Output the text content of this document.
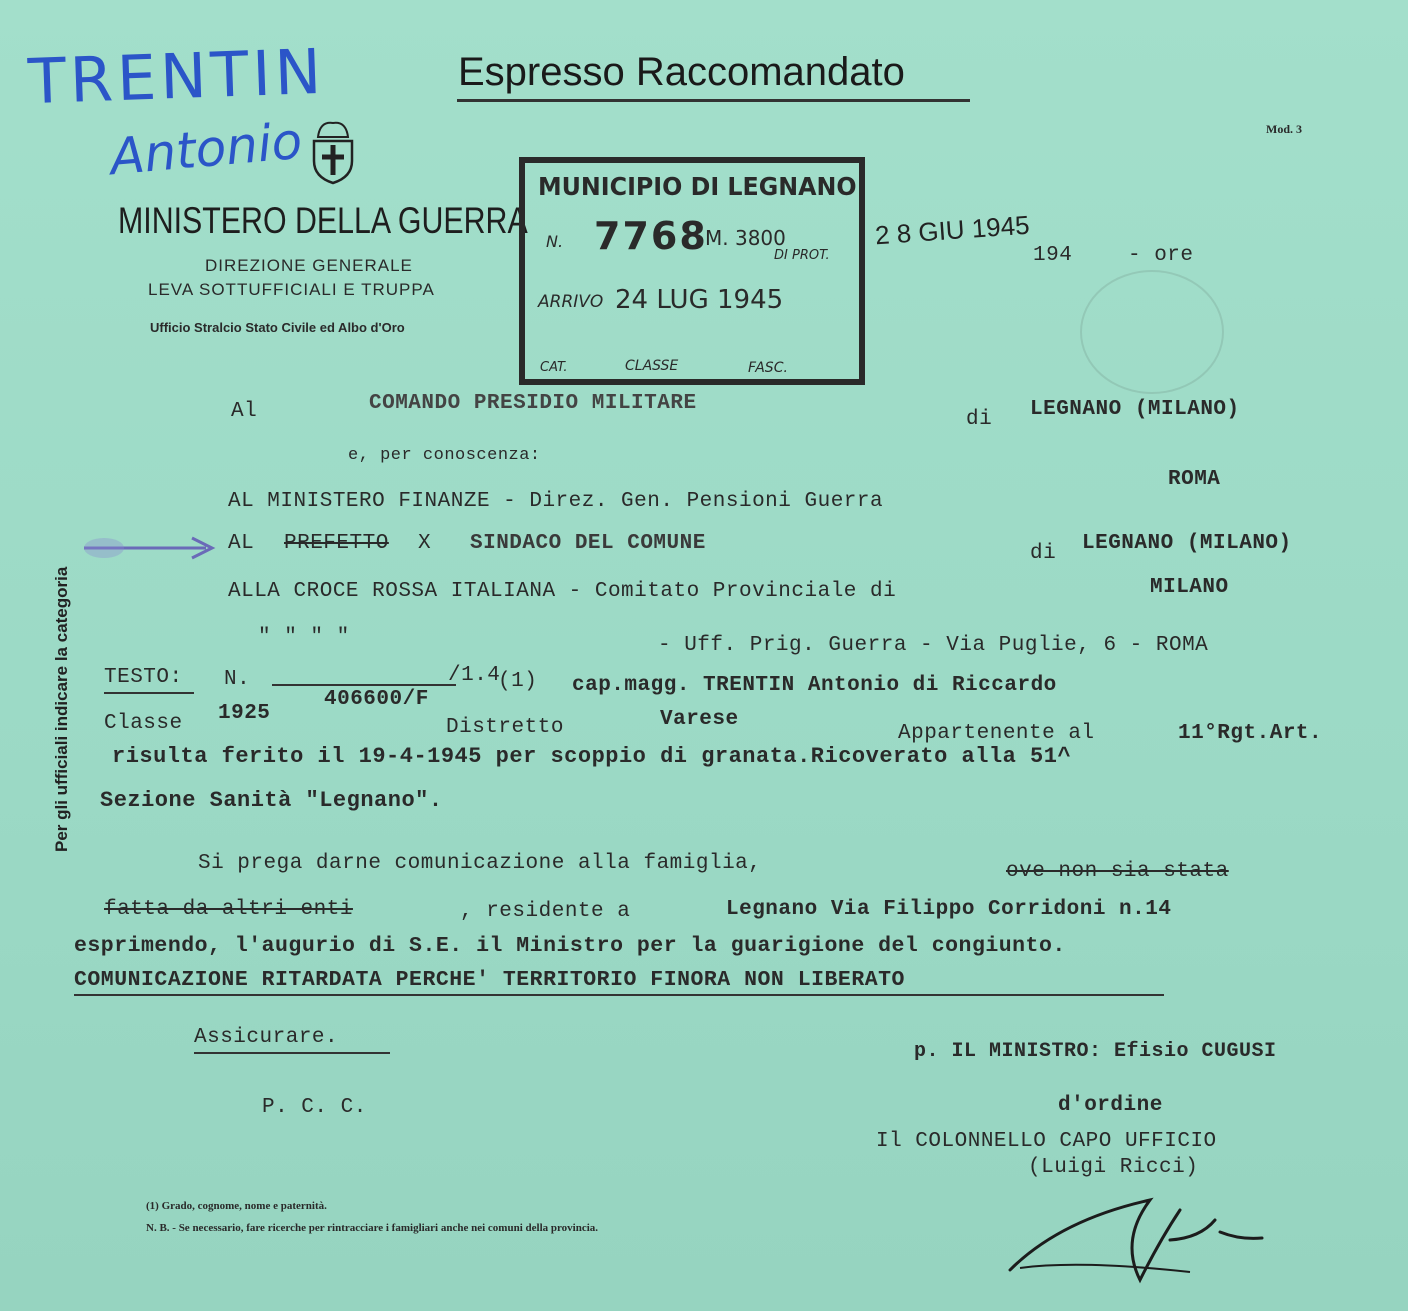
TRENTIN
Antonio
Espresso Raccomandato
Mod. 3
MINISTERO DELLA GUERRA
DIREZIONE GENERALE
LEVA SOTTUFFICIALI E TRUPPA
Ufficio Stralcio Stato Civile ed Albo d'Oro
2 8 GIU 1945
194	- ore
MUNICIPIO DI LEGNANO
N. 7768
M. 3800
DI PROT.
ARRIVO 24 LUG 1945
CAT.	CLASSE	FASC.
Per gli ufficiali indicare la categoria
Al	COMANDO PRESIDIO MILITARE
di LEGNANO (MILANO)
e, per conoscenza:
AL MINISTERO FINANZE - Direz. Gen. Pensioni Guerra
ROMA
AL PREFETTO X SINDACO DEL COMUNE	di LEGNANO (MILANO)
ALLA CROCE ROSSA ITALIANA - Comitato Provinciale di	MILANO
" " " "	- Uff. Prig. Guerra - Via Puglie, 6 - ROMA
TESTO: N.	/1.4
(1) cap.magg. TRENTIN Antonio di Riccardo
406600/F
Classe 1925
Distretto	Varese
Appartenente al	11°Rgt.Art.
risulta ferito il 19-4-1945 per scoppio di granata.Ricoverato alla 51^
Sezione Sanità "Legnano".
Si prega darne comunicazione alla famiglia,	ove non sia stata
fatta da altri enti	, residente a	Legnano Via Filippo Corridoni n.14
esprimendo, l'augurio di S.E. il Ministro per la guarigione del congiunto.
COMUNICAZIONE RITARDATA PERCHE' TERRITORIO FINORA NON LIBERATO
Assicurare.
P. C. C.
p. IL MINISTRO: Efisio CUGUSI
d'ordine
Il COLONNELLO CAPO UFFICIO
(Luigi Ricci)
(1) Grado, cognome, nome e paternità.
N. B. - Se necessario, fare ricerche per rintracciare i famigliari anche nei comuni della provincia.
